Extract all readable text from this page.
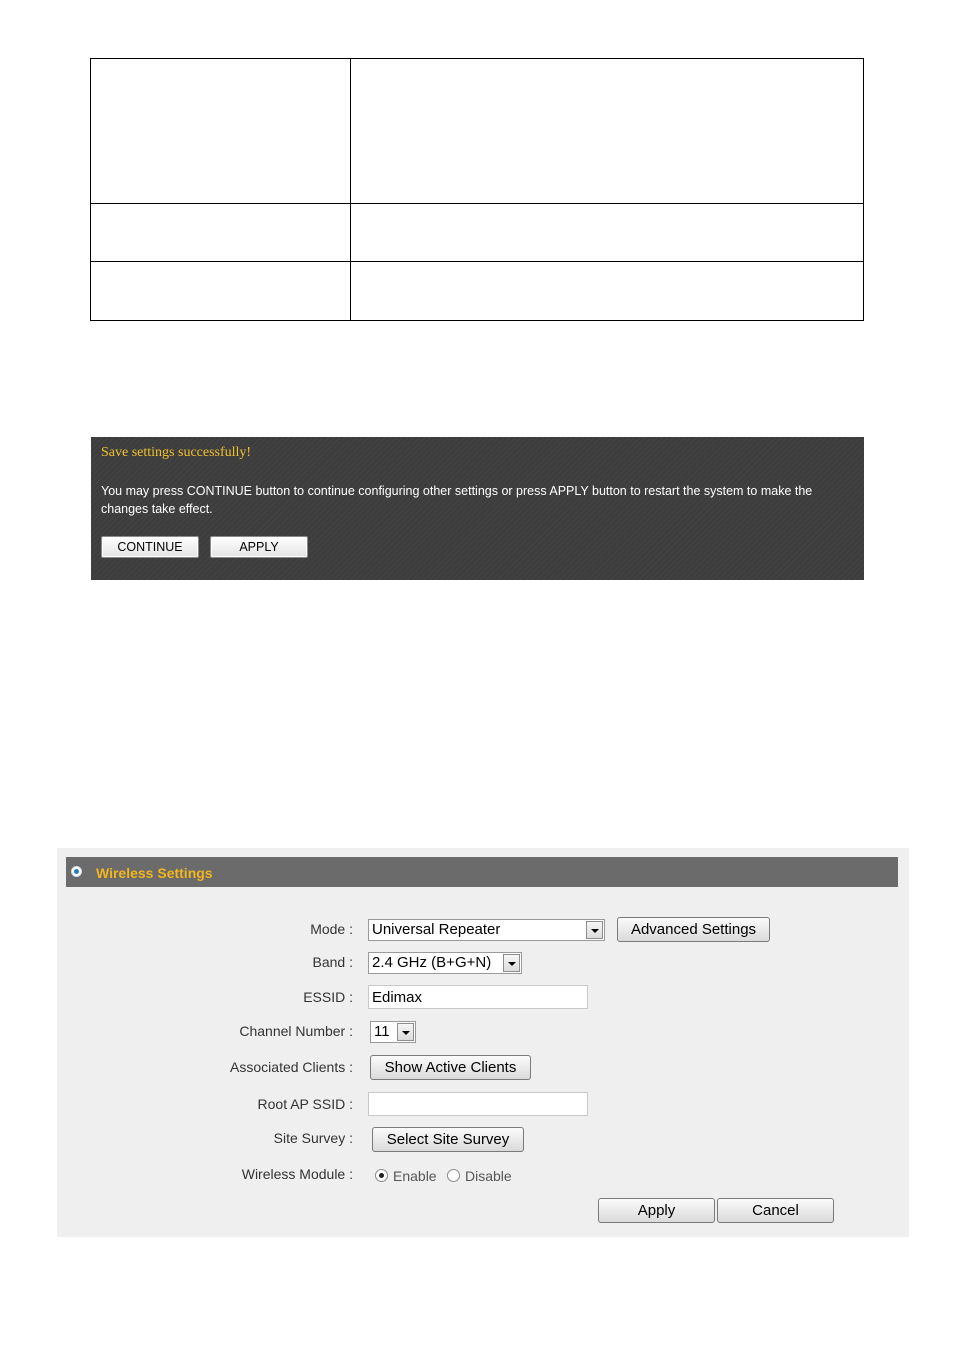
Save settings successfully!
You may press CONTINUE button to continue configuring other settings or press APPLY button to restart the system to make the changes take effect.
CONTINUE	APPLY
Wireless Settings
Mode : Universal Repeater	Advanced Settings
Band : 2.4 GHz (B+G+N)
ESSID :
Edimax
Channel Number : 11
Associated Clients :	Show Active Clients
Root AP SSID :
Site Survey :	Select Site Survey
Wireless Module :	Enable Disable
Apply	Cancel
